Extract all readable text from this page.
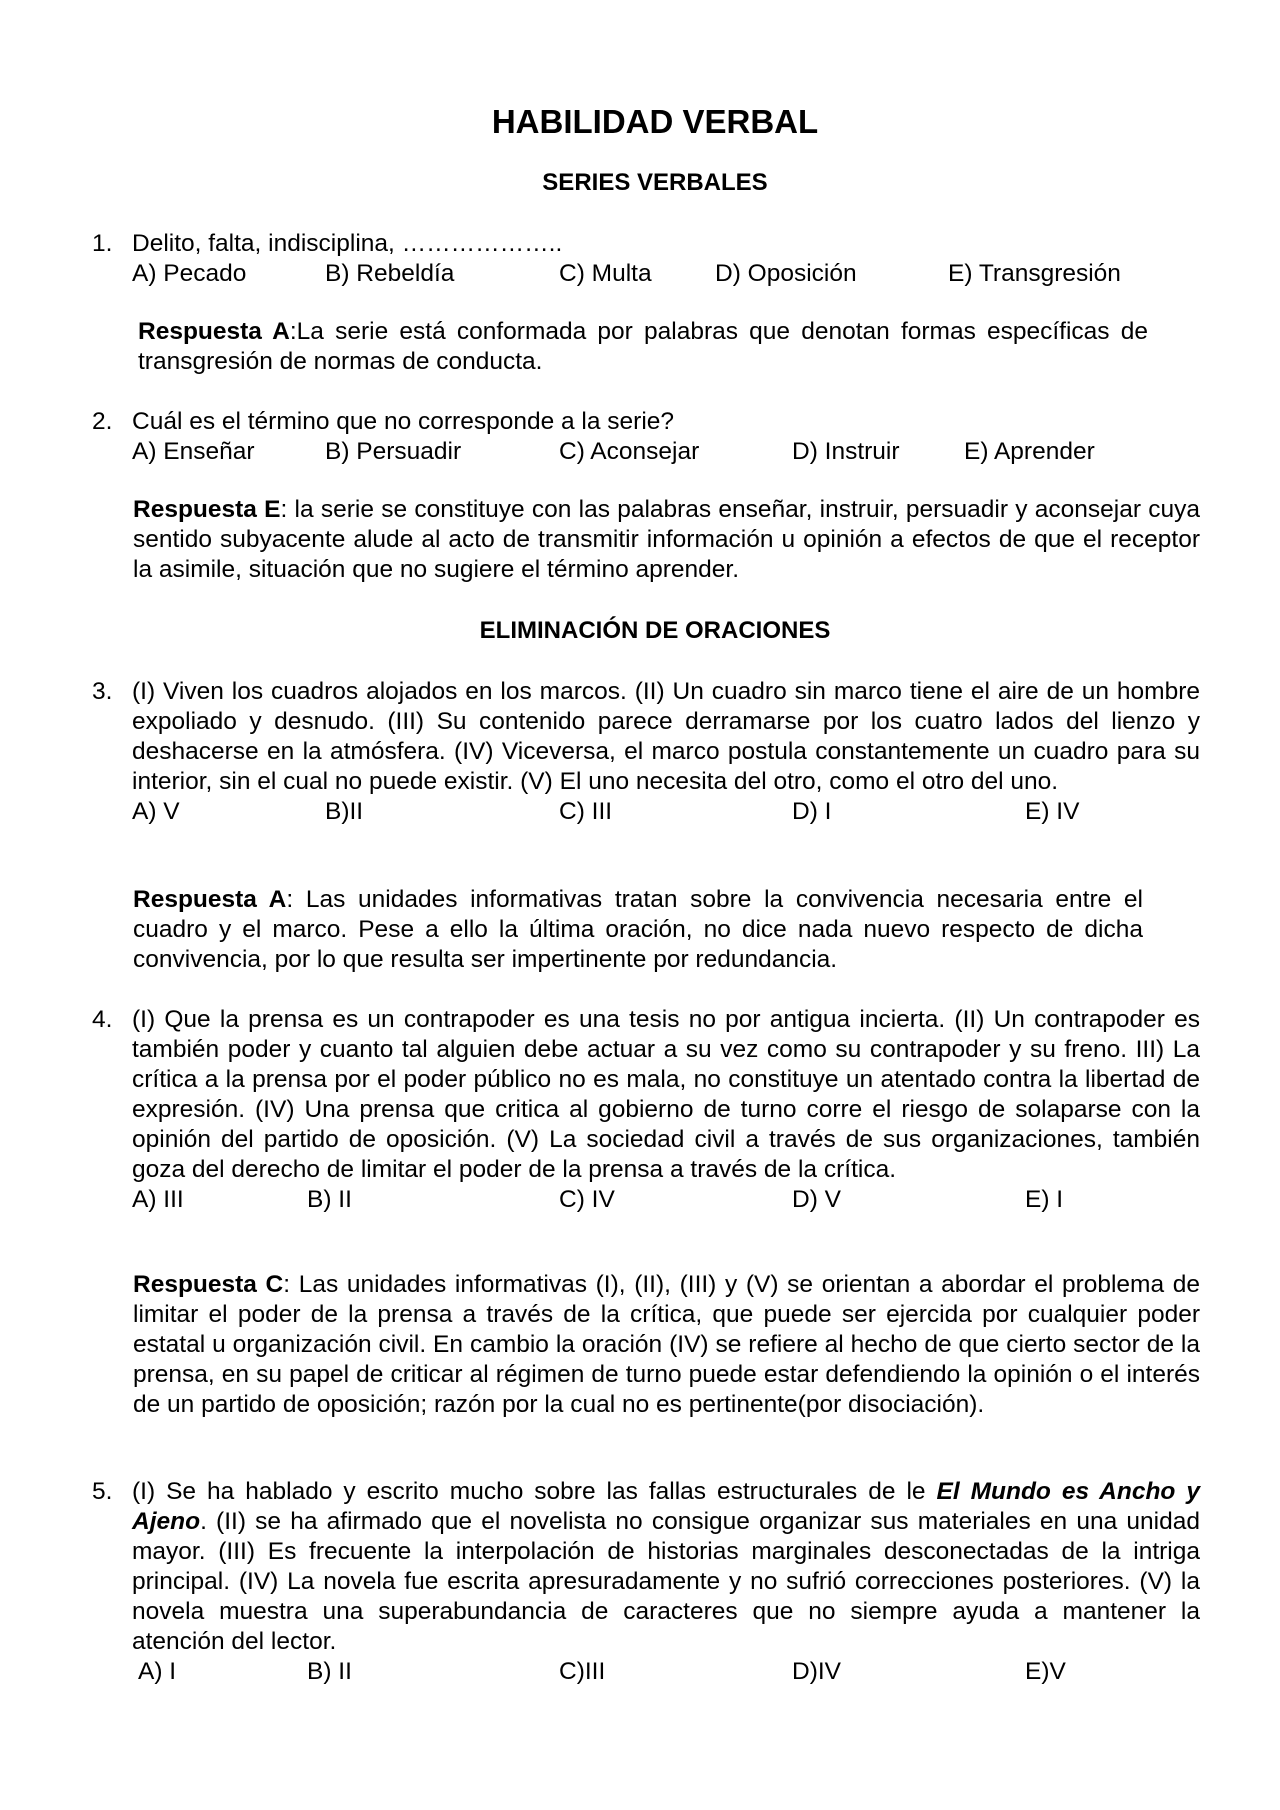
HABILIDAD VERBAL
SERIES VERBALES
1. Delito, falta, indisciplina, ………………..
A) Pecado	B) Rebeldía	C) Multa	D) Oposición	E) Transgresión
Respuesta A:La serie está conformada por palabras que denotan formas específicas de transgresión de normas de conducta.
2. Cuál es el término que no corresponde a la serie?
A) Enseñar	B) Persuadir	C) Aconsejar	D) Instruir	E) Aprender
Respuesta E: la serie se constituye con las palabras enseñar, instruir, persuadir y aconsejar cuya sentido subyacente alude al acto de transmitir información u opinión a efectos de que el receptor la asimile, situación que no sugiere el término aprender.
ELIMINACIÓN DE ORACIONES
3. (I) Viven los cuadros alojados en los marcos. (II) Un cuadro sin marco tiene el aire de un hombre expoliado y desnudo. (III) Su contenido parece derramarse por los cuatro lados del lienzo y deshacerse en la atmósfera. (IV) Viceversa, el marco postula constantemente un cuadro para su interior, sin el cual no puede existir. (V) El uno necesita del otro, como el otro del uno.
A) V	B)II	C) III	D) I	E) IV
Respuesta A: Las unidades informativas tratan sobre la convivencia necesaria entre el cuadro y el marco. Pese a ello la última oración, no dice nada nuevo respecto de dicha convivencia, por lo que resulta ser impertinente por redundancia.
4. (I) Que la prensa es un contrapoder es una tesis no por antigua incierta. (II) Un contrapoder es también poder y cuanto tal alguien debe actuar a su vez como su contrapoder y su freno. III) La crítica a la prensa por el poder público no es mala, no constituye un atentado contra la libertad de expresión. (IV) Una prensa que critica al gobierno de turno corre el riesgo de solaparse con la opinión del partido de oposición. (V) La sociedad civil a través de sus organizaciones, también goza del derecho de limitar el poder de la prensa a través de la crítica.
A) III	B) II	C) IV	D) V	E) I
Respuesta C: Las unidades informativas (I), (II), (III) y (V) se orientan a abordar el problema de limitar el poder de la prensa a través de la crítica, que puede ser ejercida por cualquier poder estatal u organización civil. En cambio la oración (IV) se refiere al hecho de que cierto sector de la prensa, en su papel de criticar al régimen de turno puede estar defendiendo la opinión o el interés de un partido de oposición; razón por la cual no es pertinente(por disociación).
5. (I) Se ha hablado y escrito mucho sobre las fallas estructurales de le El Mundo es Ancho y Ajeno. (II) se ha afirmado que el novelista no consigue organizar sus materiales en una unidad mayor. (III) Es frecuente la interpolación de historias marginales desconectadas de la intriga principal. (IV) La novela fue escrita apresuradamente y no sufrió correcciones posteriores. (V) la novela muestra una superabundancia de caracteres que no siempre ayuda a mantener la atención del lector.
A) I	B) II	C)III	D)IV	E)V
